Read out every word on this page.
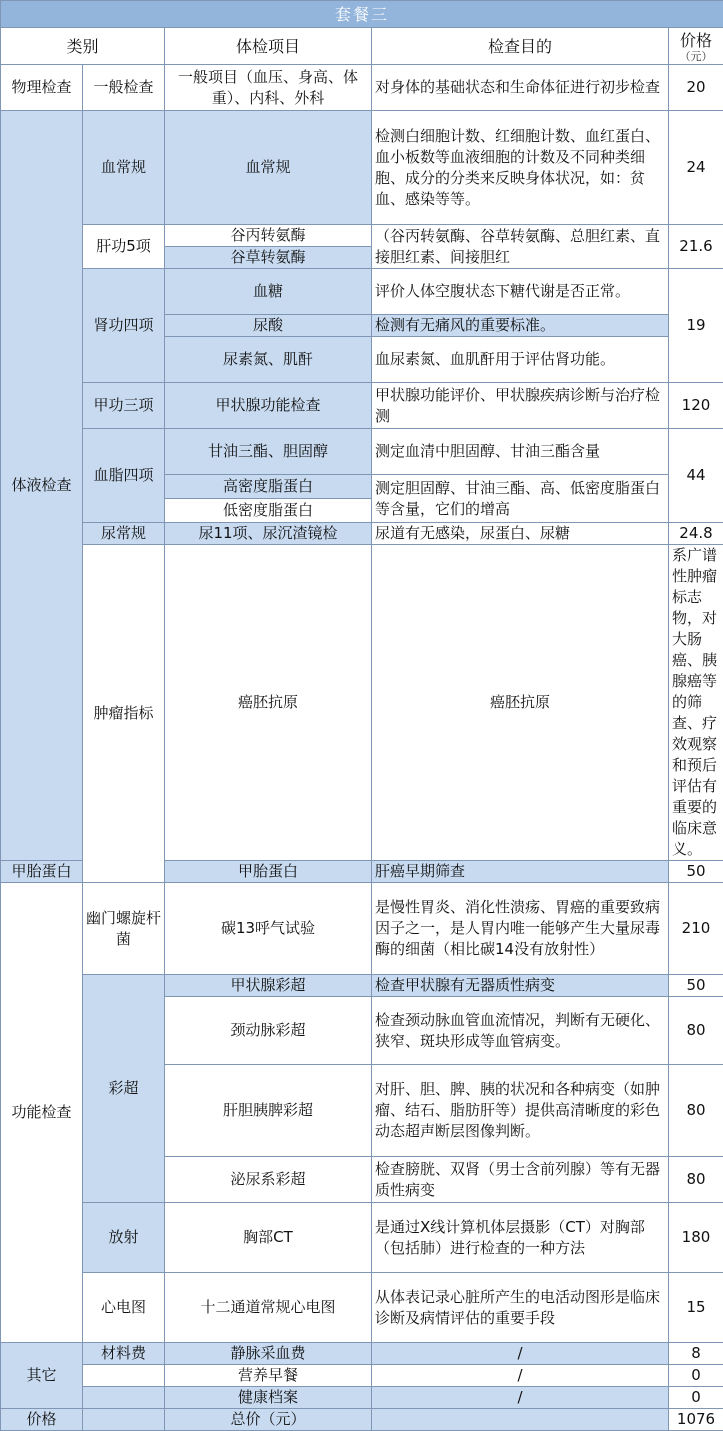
套餐三					
类别		体检项目	检查目的	价格
（元）	

物理检查	一般检查	一般项目（血压、身高、体重）、内科、外科	对身体的基础状态和生命体征进行初步检查	20	
体液检查	血常规	血常规	检测白细胞计数、红细胞计数、血红蛋白、血小板数等血液细胞的计数及不同种类细胞、成分的分类来反映身体状况，如：贫血、感染等等。	24	
	肝功5项	谷丙转氨酶	（谷丙转氨酶、谷草转氨酶、总胆红素、直接胆红素、间接胆红	21.6	
		谷草转氨酶			
	肾功四项	血糖	评价人体空腹状态下糖代谢是否正常。	19	
		尿酸	检测有无痛风的重要标准。		
		尿素氮、肌酐	血尿素氮、血肌酐用于评估肾功能。		
	甲功三项	甲状腺功能检查	甲状腺功能评价、甲状腺疾病诊断与治疗检测	120	
	血脂四项	甘油三酯、胆固醇	测定血清中胆固醇、甘油三酯含量	44	
		高密度脂蛋白	测定胆固醇、甘油三酯、高、低密度脂蛋白等含量，它们的增高		
		低密度脂蛋白			
	尿常规	尿11项、尿沉渣镜检	尿道有无感染，尿蛋白、尿糖	24.8	
	肿瘤指标	癌胚抗原	癌胚抗原	系广谱性肿瘤标志物，对大肠癌、胰腺癌等的筛查、疗效观察和预后评估有重要的临床意义。	
甲胎蛋白		甲胎蛋白	肝癌早期筛查	50	
功能检查	幽门螺旋杆菌	碳13呼气试验	是慢性胃炎、消化性溃疡、胃癌的重要致病因子之一，是人胃内唯一能够产生大量尿毒酶的细菌（相比碳14没有放射性）	210	
	彩超	甲状腺彩超	检查甲状腺有无器质性病变	50	
		颈动脉彩超	检查颈动脉血管血流情况，判断有无硬化、狭窄、斑块形成等血管病变。	80	
		肝胆胰脾彩超	对肝、胆、脾、胰的状况和各种病变（如肿瘤、结石、脂肪肝等）提供高清晰度的彩色动态超声断层图像判断。	80	
		泌尿系彩超	检查膀胱、双肾（男士含前列腺）等有无器质性病变	80	
	放射	胸部CT	是通过X线计算机体层摄影（CT）对胸部（包括肺）进行检查的一种方法	180	
	心电图	十二通道常规心电图	从体表记录心脏所产生的电活动图形是临床诊断及病情评估的重要手段	15	
其它	材料费	静脉采血费	/	8	
		营养早餐	/	0	
		健康档案	/	0	
价格		总价（元）		1076	
